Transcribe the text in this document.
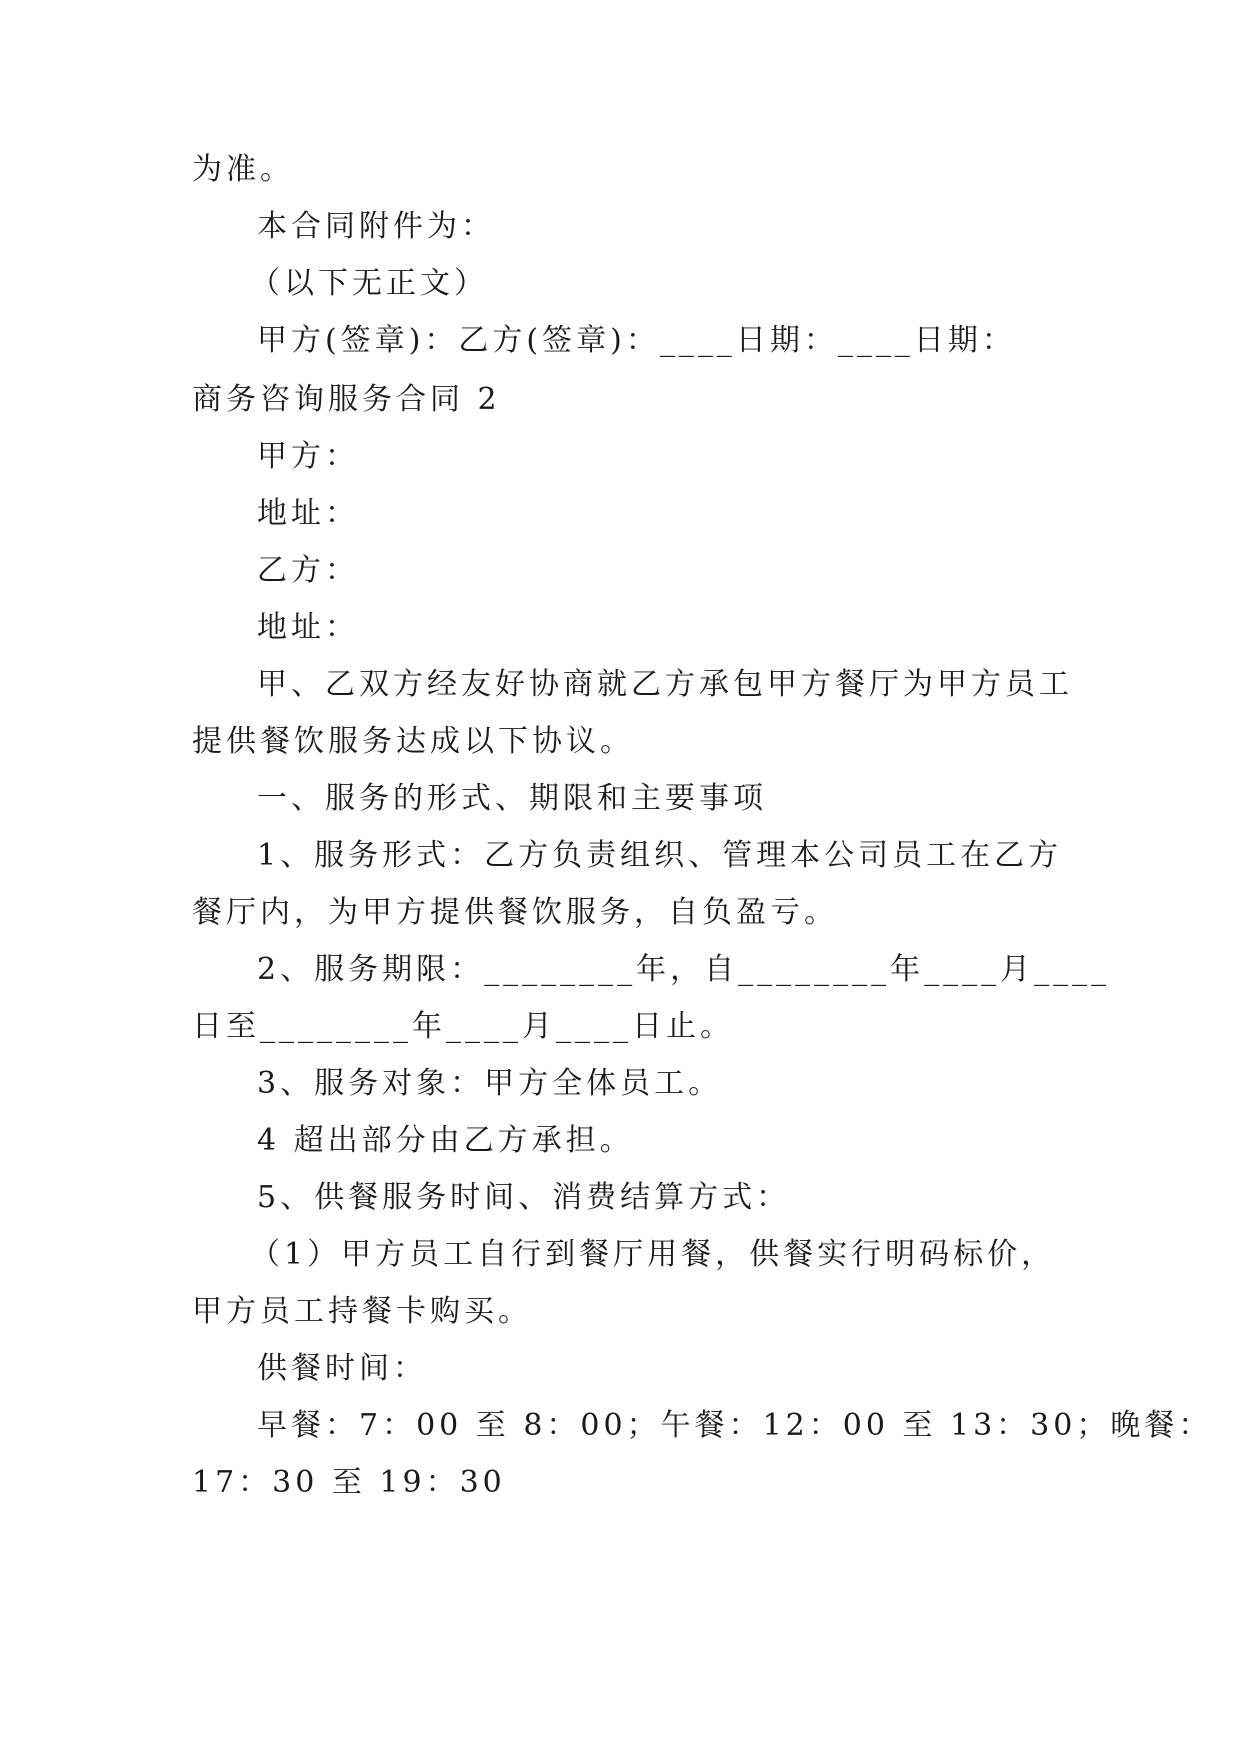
为准。
本合同附件为：
（以下无正文）
甲方(签章)：乙方(签章)：____日期：____日期：
商务咨询服务合同 2
甲方：
地址：
乙方：
地址：
甲、乙双方经友好协商就乙方承包甲方餐厅为甲方员工
提供餐饮服务达成以下协议。
一、服务的形式、期限和主要事项
1、服务形式：乙方负责组织、管理本公司员工在乙方
餐厅内，为甲方提供餐饮服务，自负盈亏。
2、服务期限：________年，自________年____月____
日至________年____月____日止。
3、服务对象：甲方全体员工。
4 超出部分由乙方承担。
5、供餐服务时间、消费结算方式：
（1）甲方员工自行到餐厅用餐，供餐实行明码标价，
甲方员工持餐卡购买。
供餐时间：
早餐：7：00 至 8：00；午餐：12：00 至 13：30；晚餐：
17：30 至 19：30
